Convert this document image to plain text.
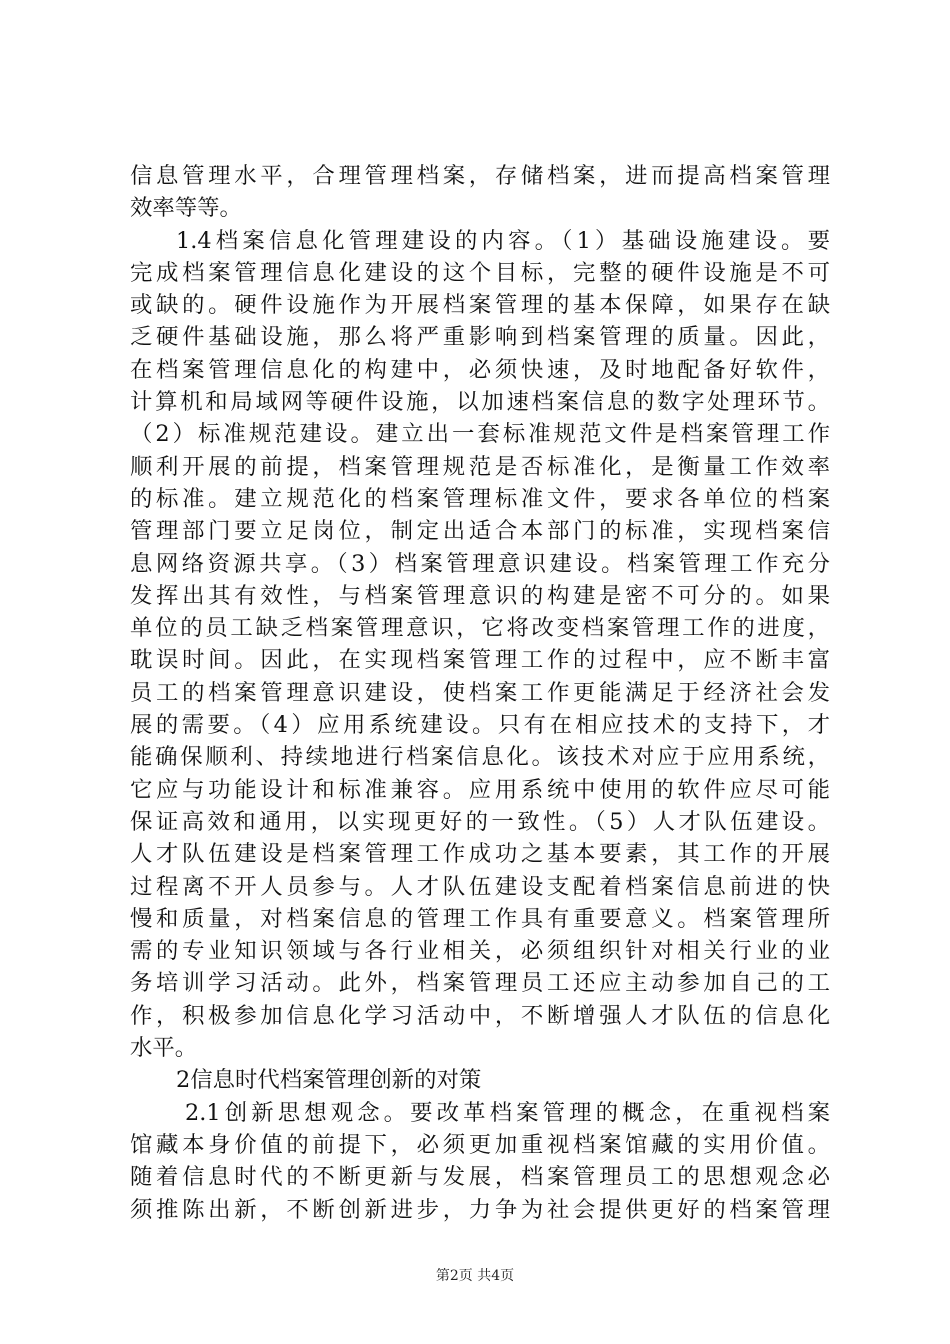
信息管理水平，合理管理档案，存储档案，进而提高档案管理
效率等等。
1.4档案信息化管理建设的内容。（1）基础设施建设。要
完成档案管理信息化建设的这个目标，完整的硬件设施是不可
或缺的。硬件设施作为开展档案管理的基本保障，如果存在缺
乏硬件基础设施，那么将严重影响到档案管理的质量。因此，
在档案管理信息化的构建中，必须快速，及时地配备好软件，
计算机和局域网等硬件设施，以加速档案信息的数字处理环节。
（2）标准规范建设。建立出一套标准规范文件是档案管理工作
顺利开展的前提，档案管理规范是否标准化，是衡量工作效率
的标准。建立规范化的档案管理标准文件，要求各单位的档案
管理部门要立足岗位，制定出适合本部门的标准，实现档案信
息网络资源共享。（3）档案管理意识建设。档案管理工作充分
发挥出其有效性，与档案管理意识的构建是密不可分的。如果
单位的员工缺乏档案管理意识，它将改变档案管理工作的进度，
耽误时间。因此，在实现档案管理工作的过程中，应不断丰富
员工的档案管理意识建设，使档案工作更能满足于经济社会发
展的需要。（4）应用系统建设。只有在相应技术的支持下，才
能确保顺利、持续地进行档案信息化。该技术对应于应用系统，
它应与功能设计和标准兼容。应用系统中使用的软件应尽可能
保证高效和通用，以实现更好的一致性。（5）人才队伍建设。
人才队伍建设是档案管理工作成功之基本要素，其工作的开展
过程离不开人员参与。人才队伍建设支配着档案信息前进的快
慢和质量，对档案信息的管理工作具有重要意义。档案管理所
需的专业知识领域与各行业相关，必须组织针对相关行业的业
务培训学习活动。此外，档案管理员工还应主动参加自己的工
作，积极参加信息化学习活动中，不断增强人才队伍的信息化
水平。
2信息时代档案管理创新的对策
2.1创新思想观念。要改革档案管理的概念，在重视档案
馆藏本身价值的前提下，必须更加重视档案馆藏的实用价值。
随着信息时代的不断更新与发展，档案管理员工的思想观念必
须推陈出新，不断创新进步，力争为社会提供更好的档案管理
第2页 共4页
